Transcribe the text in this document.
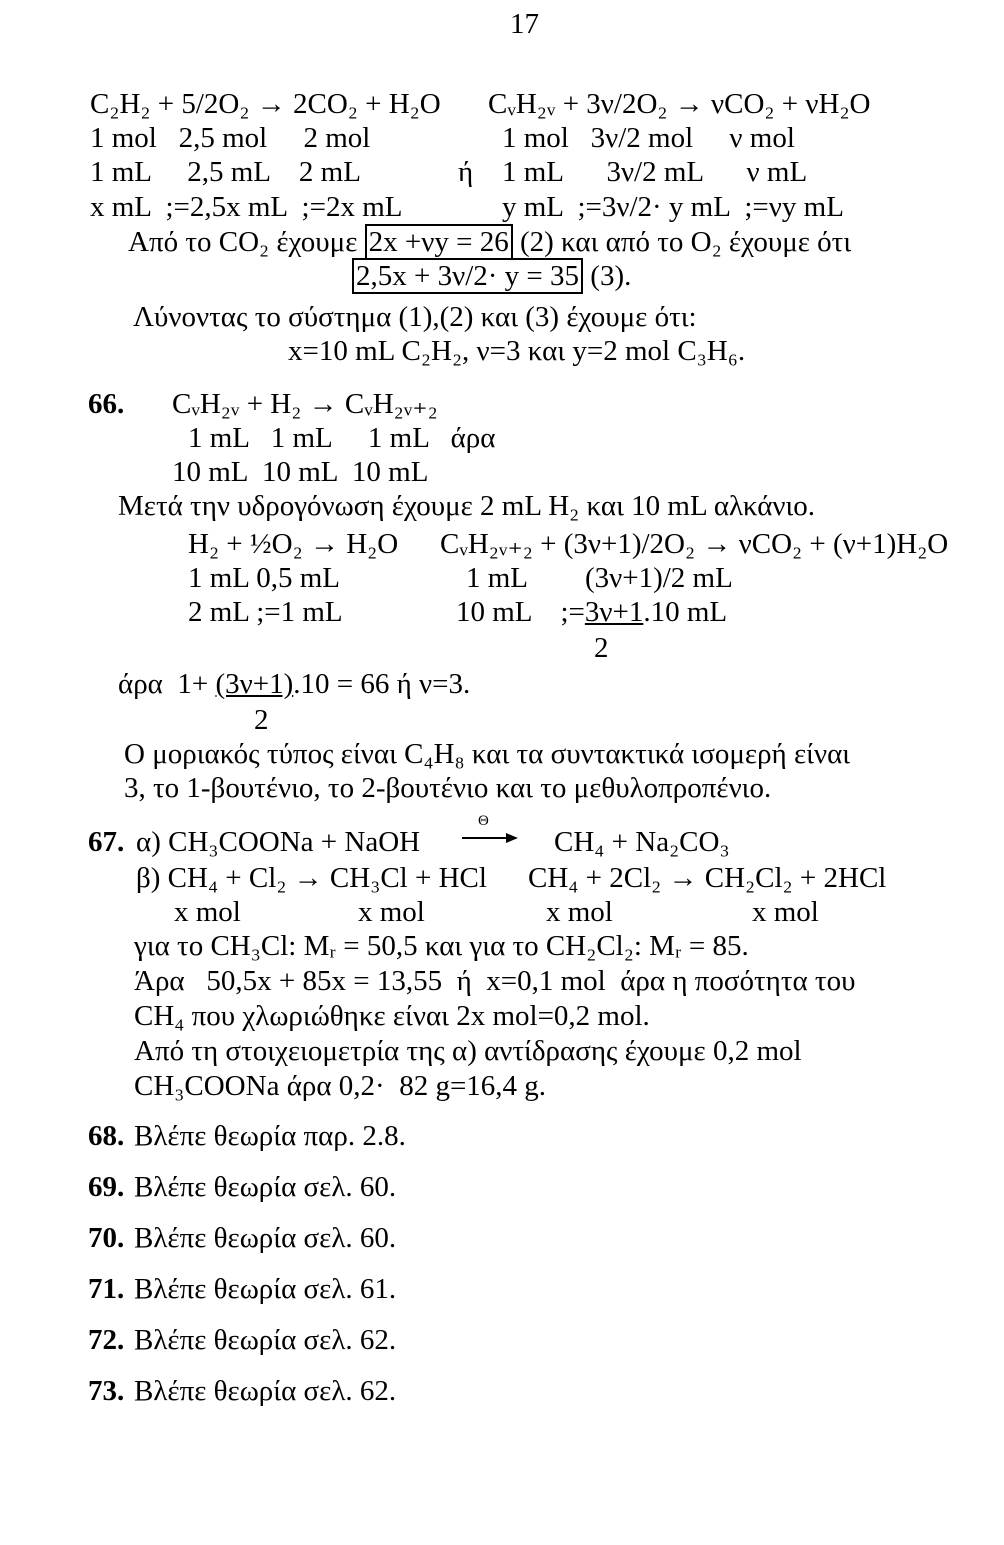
17
C₂H₂ + 5/2O₂ → 2CO₂ + H₂O CᵥH₂ᵥ + 3ν/2O₂ → νCO₂ + νH₂O
1 mol   2,5 mol     2 mol	1 mol   3ν/2 mol     ν mol
1 mL     2,5 mL    2 mL	ή 1 mL      3ν/2 mL      ν mL
x mL  ;=2,5x mL  ;=2x mL	y mL  ;=3ν/2· y mL  ;=νy mL
Από το CO₂ έχουμε 2x +νy = 26 (2) και από το O₂ έχουμε ότι
2,5x + 3ν/2· y = 35 (3).
Λύνοντας το σύστημα (1),(2) και (3) έχουμε ότι:
x=10 mL C₂H₂, ν=3 και y=2 mol C₃H₆.
66. CᵥH₂ᵥ + H₂ → CᵥH₂ᵥ₊₂
1 mL   1 mL     1 mL   άρα
10 mL  10 mL  10 mL
Μετά την υδρογόνωση έχουμε 2 mL H₂ και 10 mL αλκάνιο.
H₂ + ½O₂ → H₂O CᵥH₂ᵥ₊₂ + (3ν+1)/2O₂ → νCO₂ + (ν+1)H₂O
1 mL 0,5 mL	1 mL        (3ν+1)/2 mL
2 mL ;=1 mL	10 mL    ;=3ν+1.10 mL
2
άρα  1+ (3ν+1).10 = 66 ή ν=3.
2
Ο μοριακός τύπος είναι C₄H₈ και τα συντακτικά ισομερή είναι
3, το 1-βουτένιο, το 2-βουτένιο και το μεθυλοπροπένιο.
67. α) CH₃COONa + NaOH
Θ
CH₄ + Na₂CO₃
β) CH₄ + Cl₂ → CH₃Cl + HCl CH₄ + 2Cl₂ → CH₂Cl₂ + 2HCl
x mol	x mol	x mol	x mol
για το CH₃Cl: Mᵣ = 50,5 και για το CH₂Cl₂: Mᵣ = 85.
Άρα   50,5x + 85x = 13,55  ή  x=0,1 mol  άρα η ποσότητα του
CH₄ που χλωριώθηκε είναι 2x mol=0,2 mol.
Από τη στοιχειομετρία της α) αντίδρασης έχουμε 0,2 mol
CH₃COONa άρα 0,2·  82 g=16,4 g.
68. Βλέπε θεωρία παρ. 2.8.
69. Βλέπε θεωρία σελ. 60.
70. Βλέπε θεωρία σελ. 60.
71. Βλέπε θεωρία σελ. 61.
72. Βλέπε θεωρία σελ. 62.
73. Βλέπε θεωρία σελ. 62.
